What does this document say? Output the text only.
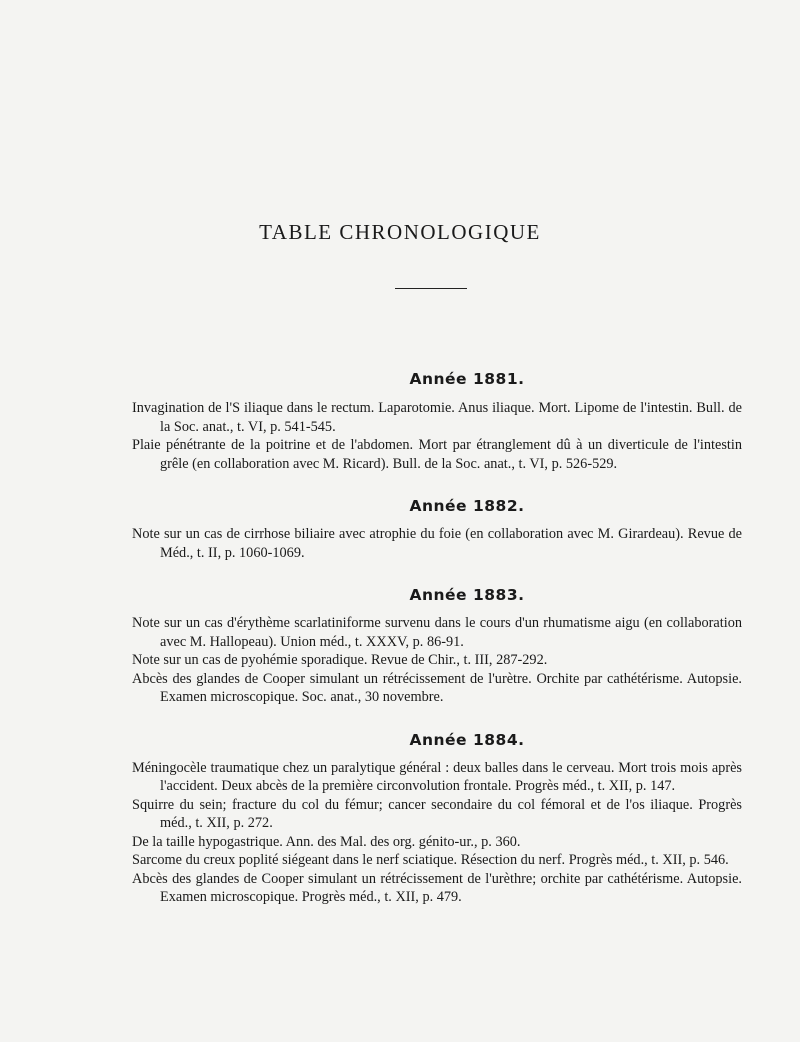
TABLE CHRONOLOGIQUE
Année 1881.

Invagination de l'S iliaque dans le rectum. Laparotomie. Anus iliaque. Mort. Lipome de l'intestin. Bull. de la Soc. anat., t. VI, p. 541-545.

Plaie pénétrante de la poitrine et de l'abdomen. Mort par étranglement dû à un diverticule de l'intestin grêle (en collaboration avec M. Ricard). Bull. de la Soc. anat., t. VI, p. 526-529.

Année 1882.

Note sur un cas de cirrhose biliaire avec atrophie du foie (en collaboration avec M. Girardeau). Revue de Méd., t. II, p. 1060-1069.

Année 1883.

Note sur un cas d'érythème scarlatiniforme survenu dans le cours d'un rhumatisme aigu (en collaboration avec M. Hallopeau). Union méd., t. XXXV, p. 86-91.

Note sur un cas de pyohémie sporadique. Revue de Chir., t. III, 287-292.

Abcès des glandes de Cooper simulant un rétrécissement de l'urètre. Orchite par cathétérisme. Autopsie. Examen microscopique. Soc. anat., 30 novembre.

Année 1884.

Méningocèle traumatique chez un paralytique général : deux balles dans le cerveau. Mort trois mois après l'accident. Deux abcès de la première circonvolution frontale. Progrès méd., t. XII, p. 147.

Squirre du sein; fracture du col du fémur; cancer secondaire du col fémoral et de l'os iliaque. Progrès méd., t. XII, p. 272.

De la taille hypogastrique. Ann. des Mal. des org. génito-ur., p. 360.

Sarcome du creux poplité siégeant dans le nerf sciatique. Résection du nerf. Progrès méd., t. XII, p. 546.

Abcès des glandes de Cooper simulant un rétrécissement de l'urèthre; orchite par cathétérisme. Autopsie. Examen microscopique. Progrès méd., t. XII, p. 479.
